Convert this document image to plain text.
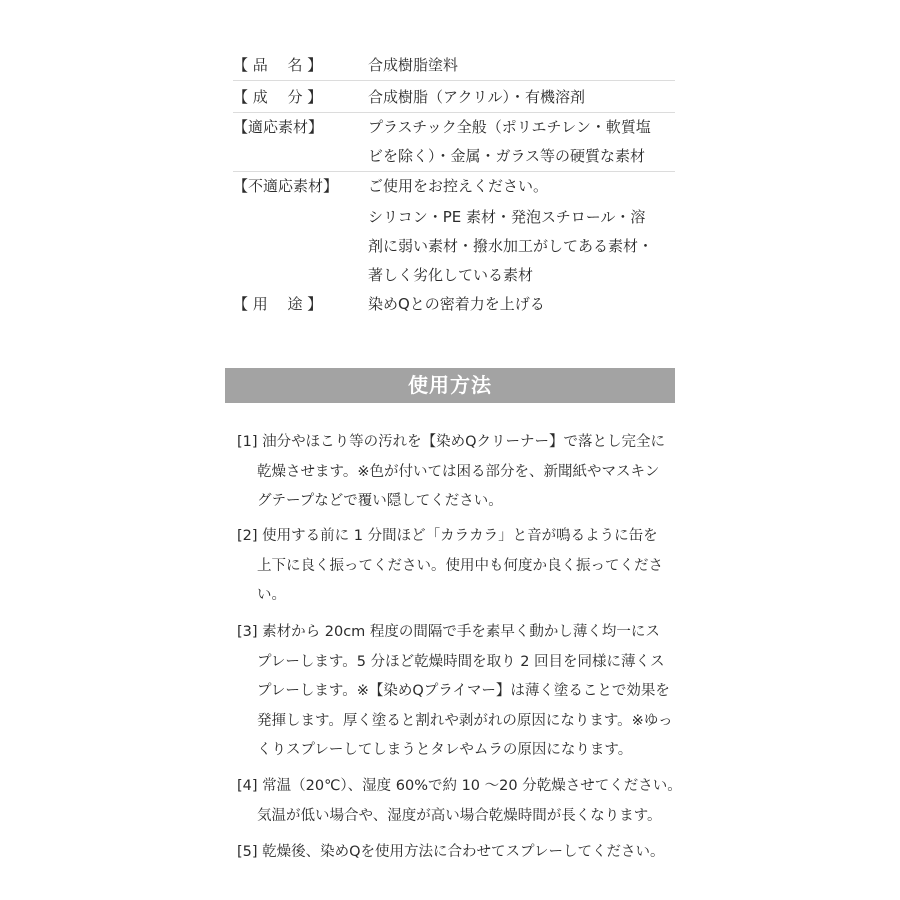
【 品　 名 】	合成樹脂塗料
【 成　 分 】	合成樹脂（アクリル）・有機溶剤
【適応素材】	プラスチック全般（ポリエチレン・軟質塩
ビを除く）・金属・ガラス等の硬質な素材
【不適応素材】	ご使用をお控えください。
シリコン・PE 素材・発泡スチロール・溶
剤に弱い素材・撥水加工がしてある素材・
著しく劣化している素材
【 用　 途 】	染めQとの密着力を上げる
使用方法
[1] 油分やほこり等の汚れを【染めQクリーナー】で落とし完全に
乾燥させます。※色が付いては困る部分を、新聞紙やマスキン
グテープなどで覆い隠してください。
[2] 使用する前に 1 分間ほど「カラカラ」と音が鳴るように缶を
上下に良く振ってください。使用中も何度か良く振ってくださ
い。
[3] 素材から 20cm 程度の間隔で手を素早く動かし薄く均一にス
プレーします。5 分ほど乾燥時間を取り 2 回目を同様に薄くス
プレーします。※【染めQプライマー】は薄く塗ることで効果を
発揮します。厚く塗ると割れや剥がれの原因になります。※ゆっ
くりスプレーしてしまうとタレやムラの原因になります。
[4] 常温（20℃）、湿度 60%で約 10 ～20 分乾燥させてください。
気温が低い場合や、湿度が高い場合乾燥時間が長くなります。
[5] 乾燥後、染めQを使用方法に合わせてスプレーしてください。
